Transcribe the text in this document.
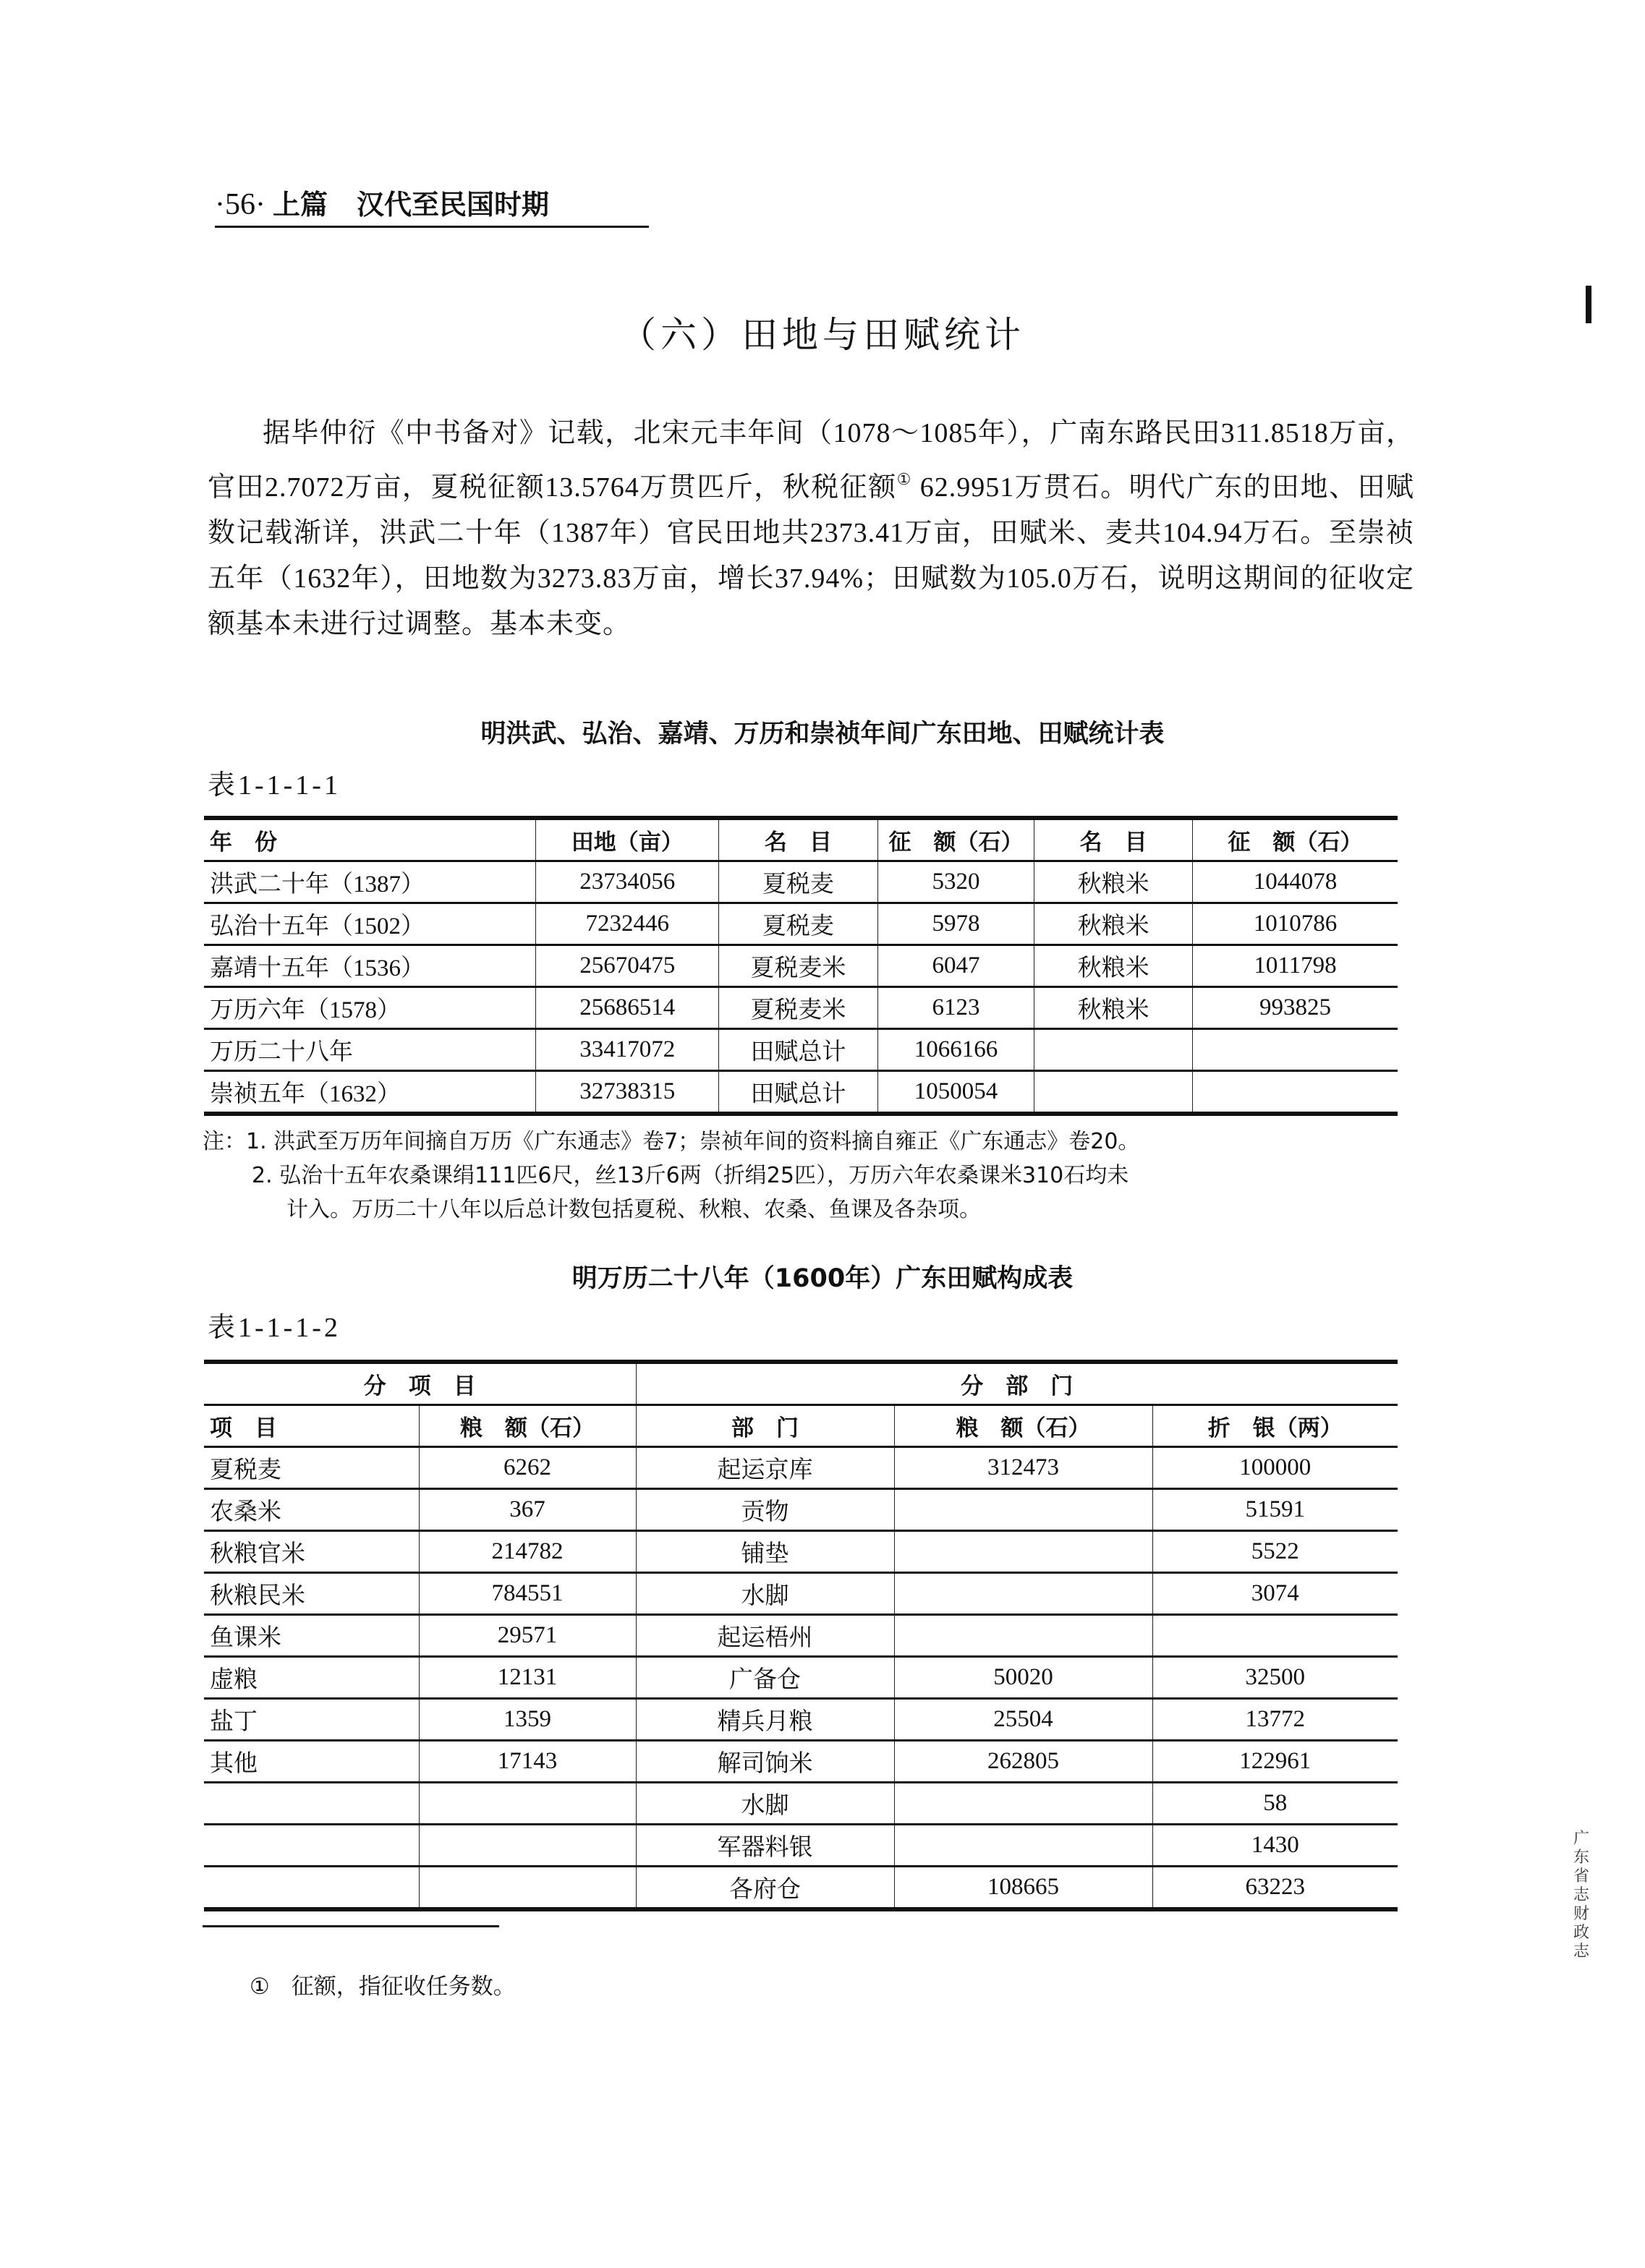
·56· 上篇 汉代至民国时期
（六）田地与田赋统计
据毕仲衍《中书备对》记载，北宋元丰年间（1078～1085年），广南东路民田311.8518万亩，官田2.7072万亩，夏税征额13.5764万贯匹斤，秋税征额① 62.9951万贯石。明代广东的田地、田赋数记载渐详，洪武二十年（1387年）官民田地共2373.41万亩，田赋米、麦共104.94万石。至崇祯五年（1632年），田地数为3273.83万亩，增长37.94%；田赋数为105.0万石，说明这期间的征收定额基本未进行过调整。基本未变。
明洪武、弘治、嘉靖、万历和崇祯年间广东田地、田赋统计表
表1-1-1-1
年　份	田地（亩）	名　目	征　额（石）	名　目	征　额（石）
洪武二十年（1387）	23734056	夏税麦	5320	秋粮米	1044078
弘治十五年（1502）	7232446	夏税麦	5978	秋粮米	1010786
嘉靖十五年（1536）	25670475	夏税麦米	6047	秋粮米	1011798
万历六年（1578）	25686514	夏税麦米	6123	秋粮米	993825
万历二十八年	33417072	田赋总计	1066166		
崇祯五年（1632）	32738315	田赋总计	1050054		
注：1. 洪武至万历年间摘自万历《广东通志》卷7；崇祯年间的资料摘自雍正《广东通志》卷20。
2. 弘治十五年农桑课绢111匹6尺，丝13斤6两（折绢25匹），万历六年农桑课米310石均未
计入。万历二十八年以后总计数包括夏税、秋粮、农桑、鱼课及各杂项。
明万历二十八年（1600年）广东田赋构成表
表1-1-1-2
分　项　目		分　部　门		
项　目	粮　额（石）	部　门	粮　额（石）	折　银（两）
夏税麦	6262	起运京库	312473	100000
农桑米	367	贡物		51591
秋粮官米	214782	铺垫		5522
秋粮民米	784551	水脚		3074
鱼课米	29571	起运梧州		
虚粮	12131	广备仓	50020	32500
盐丁	1359	精兵月粮	25504	13772
其他	17143	解司饷米	262805	122961
		水脚		58
		军器料银		1430
		各府仓	108665	63223
① 征额，指征收任务数。
广东省志财政志
